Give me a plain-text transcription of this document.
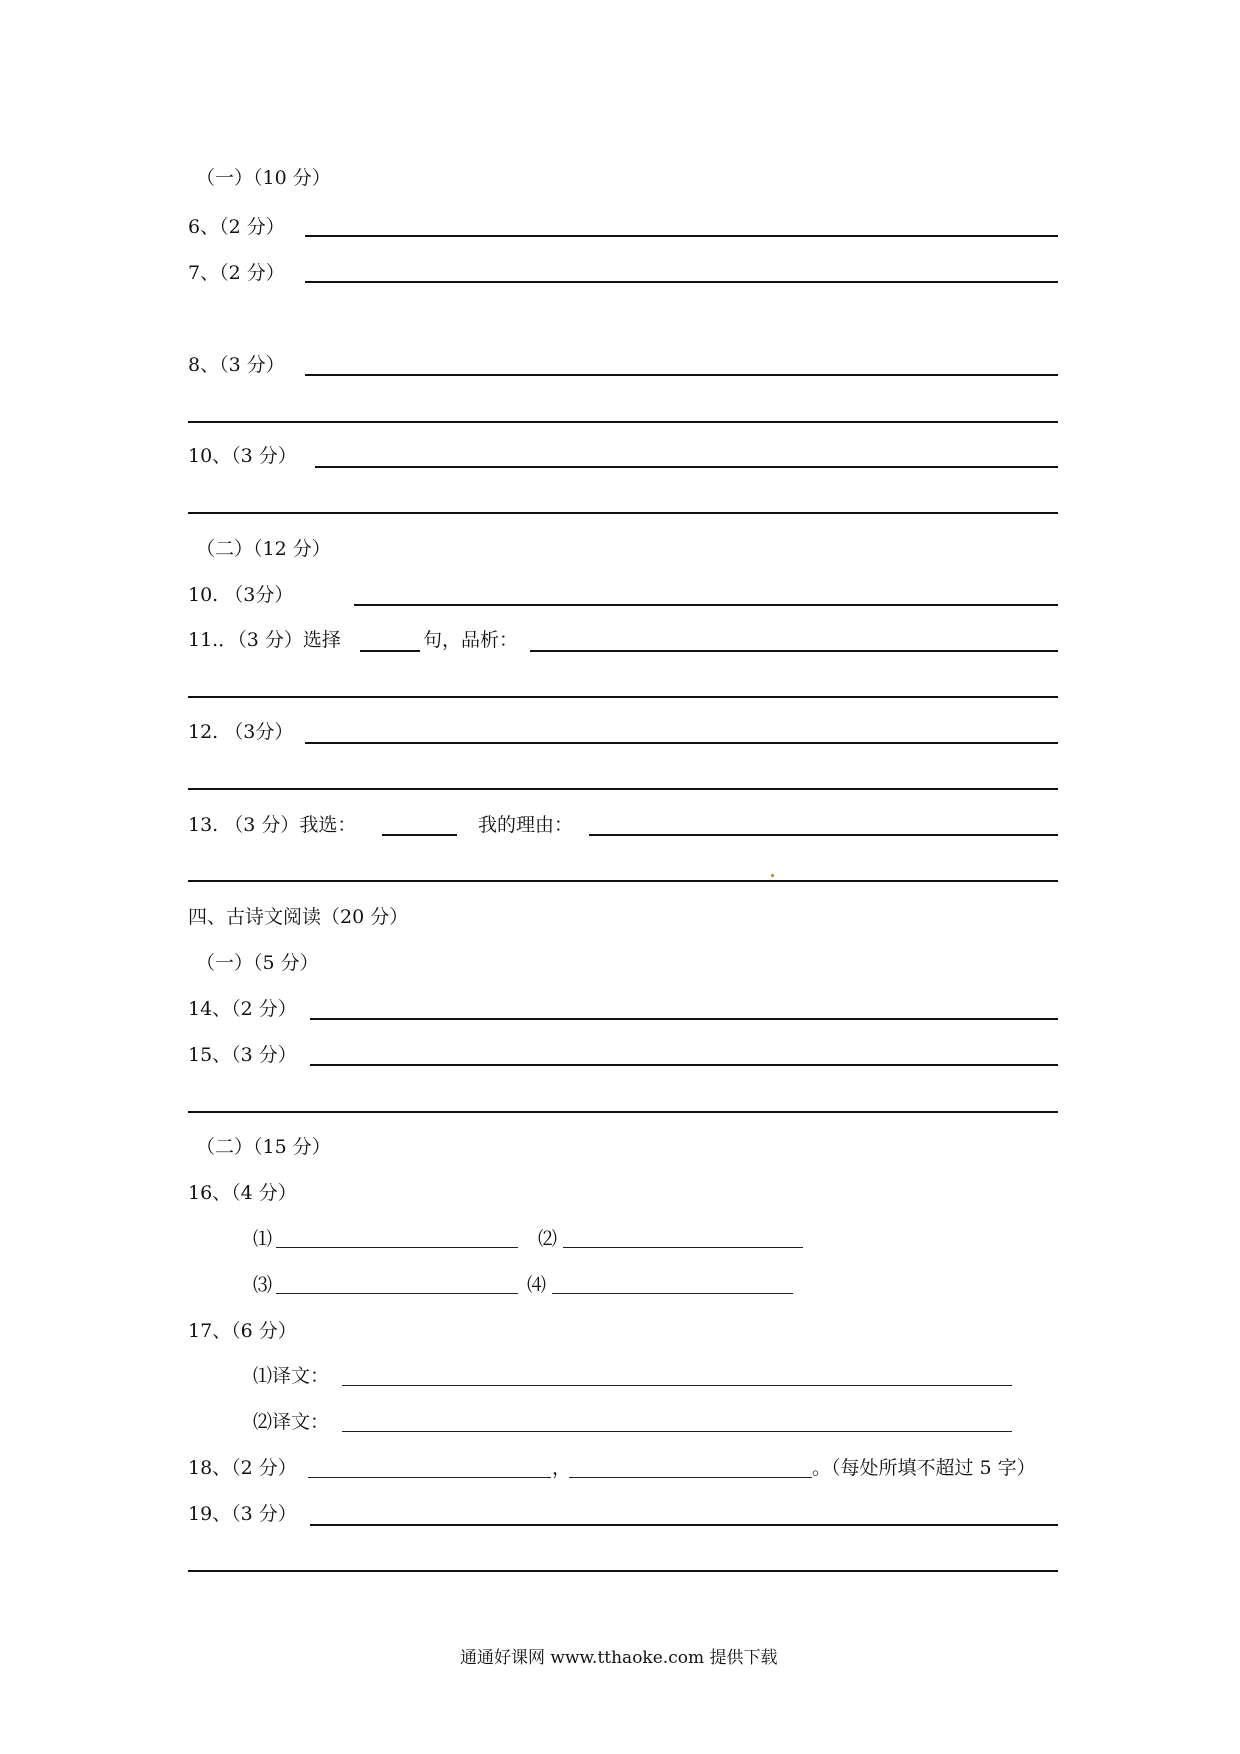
（一）（10 分）
6、（2 分）
7、（2 分）
8、（3 分）
10、（3 分）
（二）（12 分）
10. （3分）
11.．（3 分）选择	句，品析：
12. （3分）
13. （3 分）我选：	我的理由：
四、古诗文阅读（20 分）
（一）（5 分）
14、（2 分）
15、（3 分）
（二）（15 分）
16、（4 分）
⑴	⑵
⑶	⑷
17、（6 分）
⑴译文：
⑵译文：
18、（2 分）	，	。（每处所填不超过 5 字）
19、（3 分）
通通好课网 www.tthaoke.com 提供下载
